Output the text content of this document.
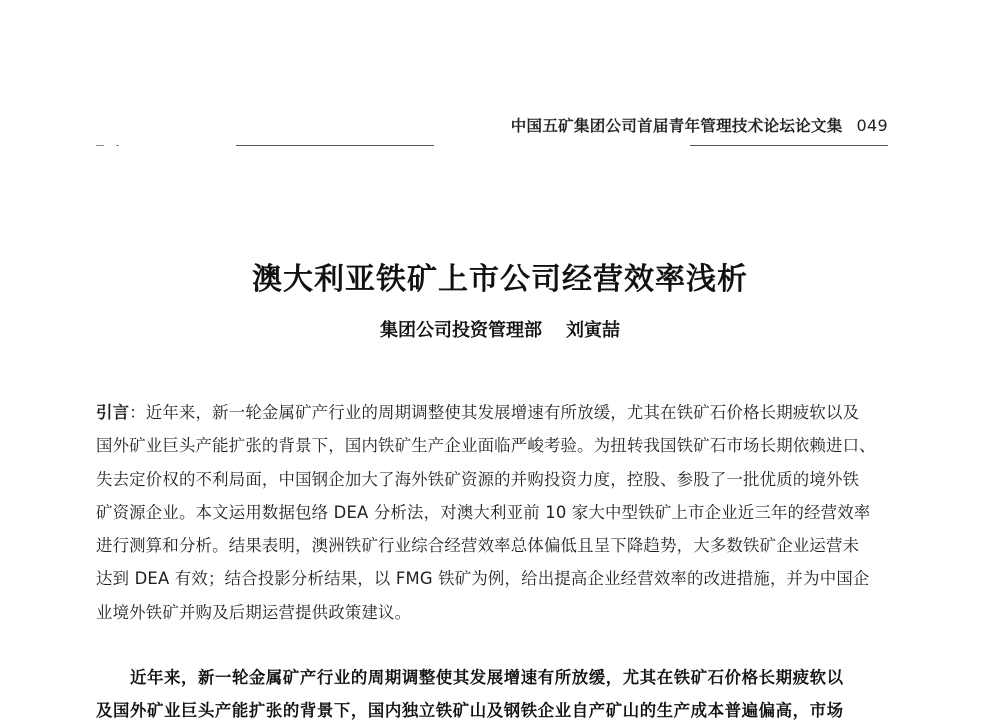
中国五矿集团公司首届青年管理技术论坛论文集 049
澳大利亚铁矿上市公司经营效率浅析
集团公司投资管理部 刘寅喆
引言：近年来，新一轮金属矿产行业的周期调整使其发展增速有所放缓，尤其在铁矿石价格长期疲软以及
国外矿业巨头产能扩张的背景下，国内铁矿生产企业面临严峻考验。为扭转我国铁矿石市场长期依赖进口、
失去定价权的不利局面，中国钢企加大了海外铁矿资源的并购投资力度，控股、参股了一批优质的境外铁
矿资源企业。本文运用数据包络 DEA 分析法，对澳大利亚前 10 家大中型铁矿上市企业近三年的经营效率
进行测算和分析。结果表明，澳洲铁矿行业综合经营效率总体偏低且呈下降趋势，大多数铁矿企业运营未
达到 DEA 有效；结合投影分析结果，以 FMG 铁矿为例，给出提高企业经营效率的改进措施，并为中国企
业境外铁矿并购及后期运营提供政策建议。
近年来，新一轮金属矿产行业的周期调整使其发展增速有所放缓，尤其在铁矿石价格长期疲软以
及国外矿业巨头产能扩张的背景下，国内独立铁矿山及钢铁企业自产矿山的生产成本普遍偏高，市场
